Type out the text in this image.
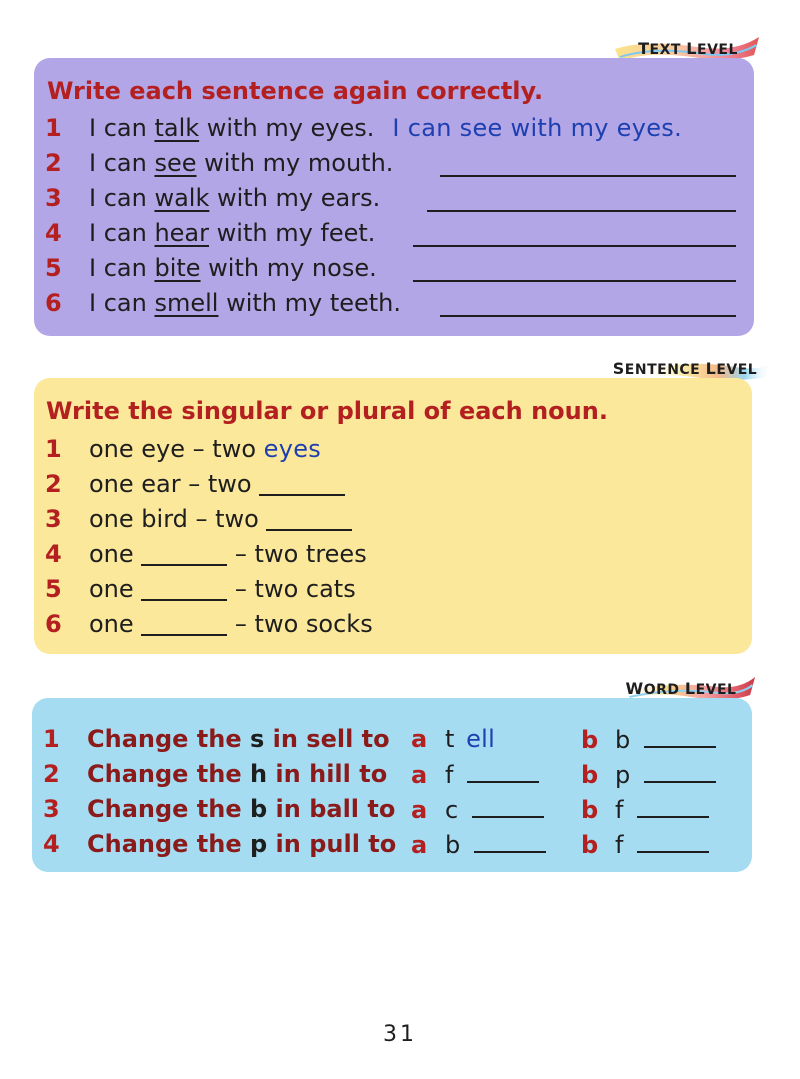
TEXT LEVEL
Write each sentence again correctly.
1	I can talk with my eyes. I can see with my eyes.
2	I can see with my mouth.
3	I can walk with my ears.
4	I can hear with my feet.
5	I can bite with my nose.
6	I can smell with my teeth.
SENTENCE LEVEL
Write the singular or plural of each noun.
1	one eye – two eyes
2	one ear – two
3	one bird – two
4	one	– two trees
5	one	– two cats
6	one	– two socks
WORD LEVEL
1	Change the s in sell to a t ell	b b
2	Change the h in hill to a f	b p
3	Change the b in ball to a c	b f
4	Change the p in pull to a b	b f
31
